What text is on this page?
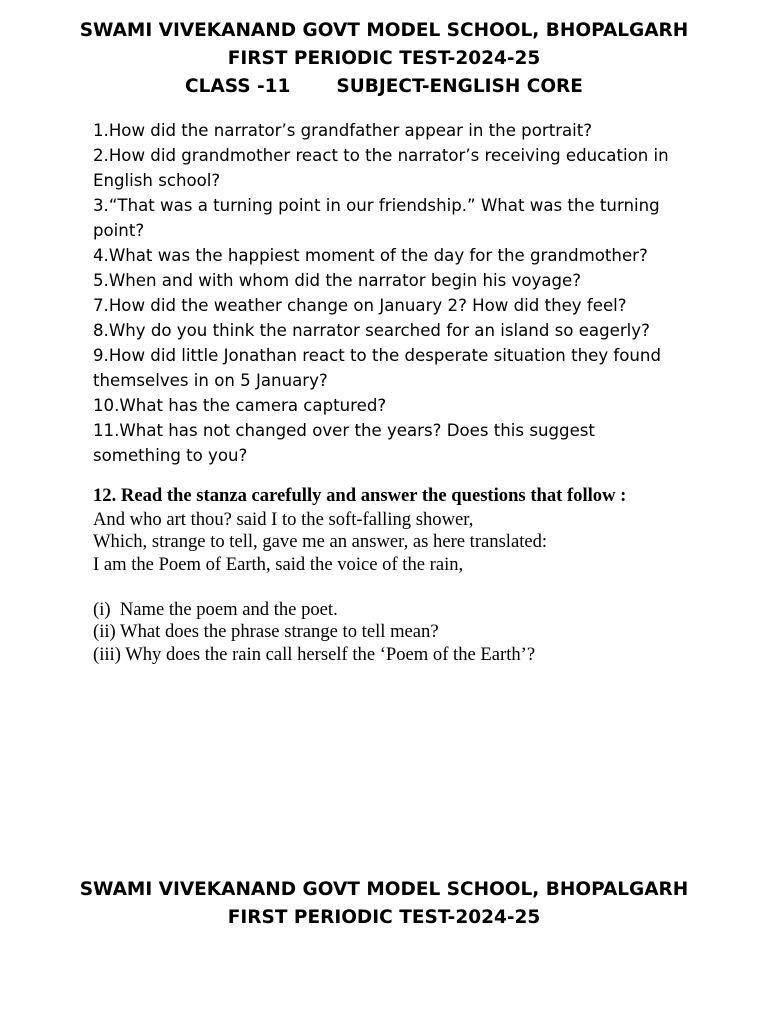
SWAMI VIVEKANAND GOVT MODEL SCHOOL, BHOPALGARH
FIRST PERIODIC TEST-2024-25
CLASS -11 SUBJECT-ENGLISH CORE

1.How did the narrator’s grandfather appear in the portrait?

2.How did grandmother react to the narrator’s receiving education in English school?

3.“That was a turning point in our friendship.” What was the turning point?

4.What was the happiest moment of the day for the grandmother?

5.When and with whom did the narrator begin his voyage?

7.How did the weather change on January 2? How did they feel?

8.Why do you think the narrator searched for an island so eagerly?

9.How did little Jonathan react to the desperate situation they found themselves in on 5 January?

10.What has the camera captured?

11.What has not changed over the years? Does this suggest something to you?

12. Read the stanza carefully and answer the questions that follow :

And who art thou? said I to the soft-falling shower,

Which, strange to tell, gave me an answer, as here translated:

I am the Poem of Earth, said the voice of the rain,

(i)  Name the poem and the poet.

(ii) What does the phrase strange to tell mean?

(iii) Why does the rain call herself the ‘Poem of the Earth’?

SWAMI VIVEKANAND GOVT MODEL SCHOOL, BHOPALGARH
FIRST PERIODIC TEST-2024-25
